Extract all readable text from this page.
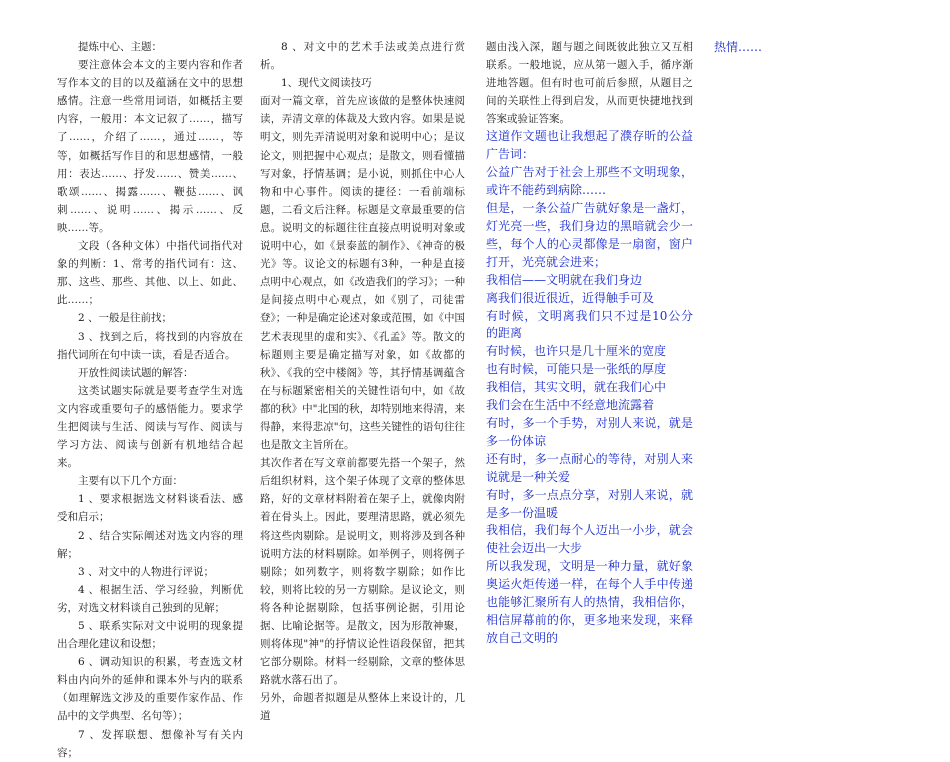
提炼中心、主题：

要注意体会本文的主要内容和作者写作本文的目的以及蕴涵在文中的思想感情。注意一些常用词语，如概括主要内容，一般用：本文记叙了……，描写了……，介绍了……，通过……，等等，如概括写作目的和思想感情，一般用：表达……、抒发……、赞美……、歌颂……、揭露……、鞭挞……、讽刺……、说明……、揭示……、反映……等。

文段（各种文体）中指代词指代对象的判断：1、常考的指代词有：这、那、这些、那些、其他、以上、如此、此……；

2 、一般是往前找；

3 、找到之后，将找到的内容放在指代词所在句中读一读，看是否适合。

开放性阅读试题的解答：

这类试题实际就是要考查学生对选文内容或重要句子的感悟能力。要求学生把阅读与生活、阅读与写作、阅读与学习方法、阅读与创新有机地结合起来。

主要有以下几个方面：

1 、要求根据选文材料谈看法、感受和启示；

2 、结合实际阐述对选文内容的理解；

3 、对文中的人物进行评说；

4 、根据生活、学习经验，判断优劣，对选文材料谈自己独到的见解；

5 、联系实际对文中说明的现象提出合理化建议和设想；

6 、调动知识的积累，考查选文材料由内向外的延伸和课本外与内的联系（如理解选文涉及的重要作家作品、作品中的文学典型、名句等）；

7 、发挥联想、想像补写有关内容；

8 、对文中的艺术手法或美点进行赏析。

1、现代文阅读技巧

面对一篇文章，首先应该做的是整体快速阅读，弄清文章的体裁及大致内容。如果是说明文，则先弄清说明对象和说明中心；是议论文，则把握中心观点；是散文，则看懂描写对象，抒情基调；是小说，则抓住中心人物和中心事件。阅读的捷径：一看前端标题，二看文后注释。标题是文章最重要的信息。说明文的标题往往直接点明说明对象或说明中心，如《景泰蓝的制作》、《神奇的极光》等。议论文的标题有3种，一种是直接点明中心观点，如《改造我们的学习》；一种是间接点明中心观点，如《别了，司徒雷登》；一种是确定论述对象或范围，如《中国艺术表现里的虚和实》、《孔孟》等。散文的标题则主要是确定描写对象，如《故都的秋》、《我的空中楼阁》等，其抒情基调蕴含在与标题紧密相关的关键性语句中，如《故都的秋》中"北国的秋，却特别地来得清，来得静，来得悲凉"句，这些关键性的语句往往也是散文主旨所在。

其次作者在写文章前都要先搭一个架子，然后组织材料，这个架子体现了文章的整体思路，好的文章材料附着在架子上，就像肉附着在骨头上。因此，要理清思路，就必须先将这些肉剔除。是说明文，则将涉及到各种说明方法的材料剔除。如举例子，则将例子剔除；如列数字，则将数字剔除；如作比较，则将比较的另一方剔除。是议论文，则将各种论据剔除，包括事例论据，引用论据、比喻论据等。是散文，因为形散神聚，则将体现"神"的抒情议论性语段保留，把其它部分剔除。材料一经剔除，文章的整体思路就水落石出了。

另外，命题者拟题是从整体上来设计的，几道

题由浅入深，题与题之间既彼此独立又互相联系。一般地说，应从第一题入手，循序渐进地答题。但有时也可前后参照，从题目之间的关联性上得到启发，从而更快捷地找到答案或验证答案。

这道作文题也让我想起了濮存昕的公益广告词：

公益广告对于社会上那些不文明现象，或许不能药到病除……

但是，一条公益广告就好象是一盏灯，灯光亮一些，我们身边的黑暗就会少一些，每个人的心灵都像是一扇窗，窗户打开，光亮就会进来；

我相信——文明就在我们身边

离我们很近很近，近得触手可及

有时候，文明离我们只不过是10公分的距离

有时候，也许只是几十厘米的宽度

也有时候，可能只是一张纸的厚度

我相信，其实文明，就在我们心中

我们会在生活中不经意地流露着

有时，多一个手势，对别人来说，就是多一份体谅

还有时，多一点耐心的等待，对别人来说就是一种关爱

有时，多一点点分享，对别人来说，就是多一份温暖

我相信，我们每个人迈出一小步，就会使社会迈出一大步

所以我发现，文明是一种力量，就好象奥运火炬传递一样，在每个人手中传递也能够汇聚所有人的热情，我相信你，相信屏幕前的你，更多地来发现，来释放自己文明的

热情……
